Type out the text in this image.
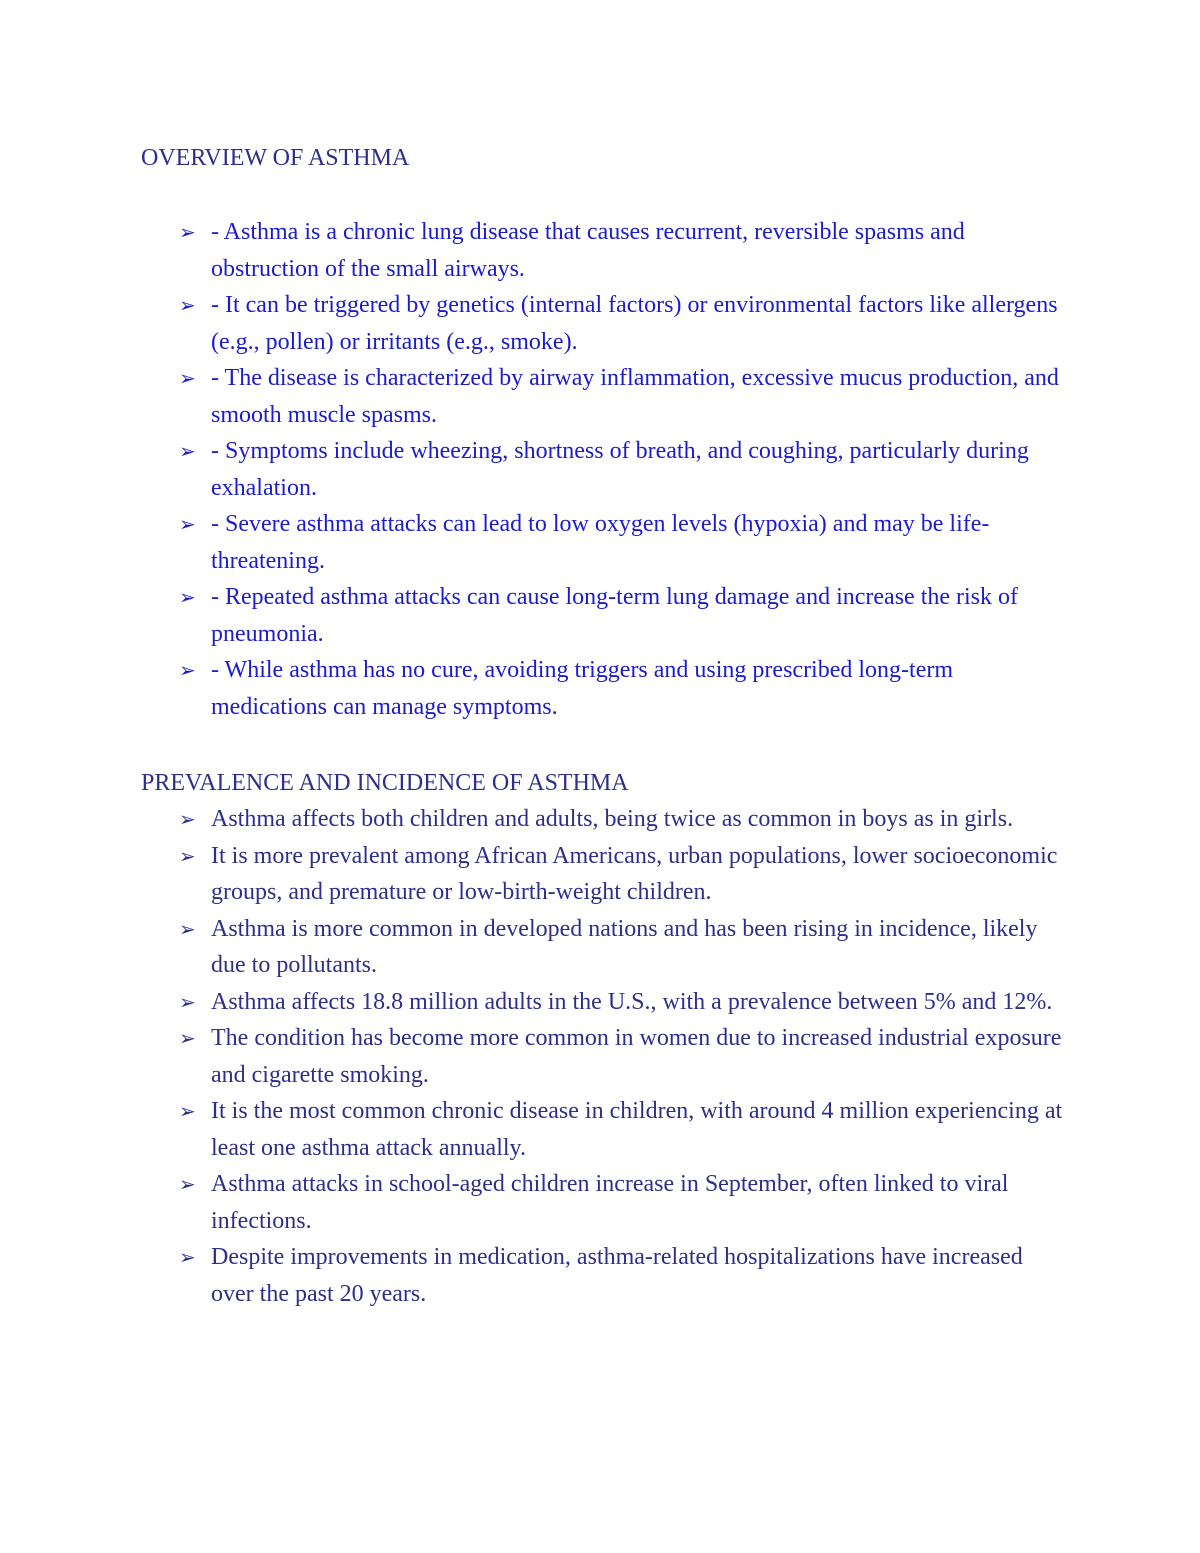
OVERVIEW OF ASTHMA
➢ - Asthma is a chronic lung disease that causes recurrent, reversible spasms and obstruction of the small airways.
➢ - It can be triggered by genetics (internal factors) or environmental factors like allergens (e.g., pollen) or irritants (e.g., smoke).
➢ - The disease is characterized by airway inflammation, excessive mucus production, and smooth muscle spasms.
➢ - Symptoms include wheezing, shortness of breath, and coughing, particularly during exhalation.
➢ - Severe asthma attacks can lead to low oxygen levels (hypoxia) and may be life-threatening.
➢ - Repeated asthma attacks can cause long-term lung damage and increase the risk of pneumonia.
➢ - While asthma has no cure, avoiding triggers and using prescribed long-term medications can manage symptoms.
PREVALENCE AND INCIDENCE OF ASTHMA
➢ Asthma affects both children and adults, being twice as common in boys as in girls.
➢ It is more prevalent among African Americans, urban populations, lower socioeconomic groups, and premature or low-birth-weight children.
➢ Asthma is more common in developed nations and has been rising in incidence, likely due to pollutants.
➢ Asthma affects 18.8 million adults in the U.S., with a prevalence between 5% and 12%.
➢ The condition has become more common in women due to increased industrial exposure and cigarette smoking.
➢ It is the most common chronic disease in children, with around 4 million experiencing at least one asthma attack annually.
➢ Asthma attacks in school-aged children increase in September, often linked to viral infections.
➢ Despite improvements in medication, asthma-related hospitalizations have increased over the past 20 years.
